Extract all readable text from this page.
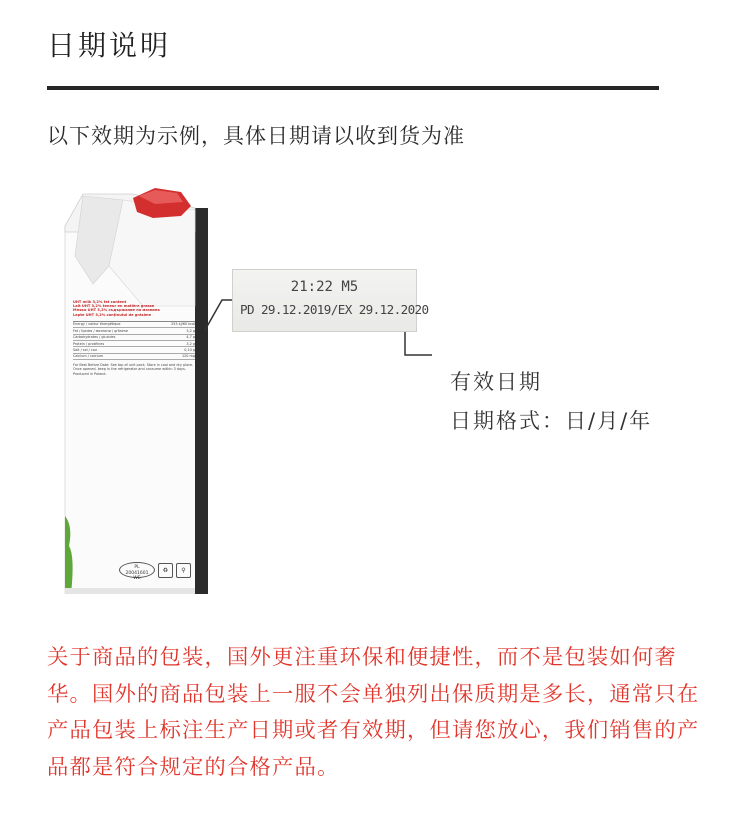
日期说明
以下效期为示例，具体日期请以收到货为准
UHT milk 3,2% fat content
Lait UHT 3,2% teneur en matière grasse
Мляко UHT 3,2% съдържание на мазнина
Lapte UHT 3,2% conținutul de grăsime
Energy / valeur énergétique	253 kJ/60 kcal
Fat / lipides / мазнини / grăsime	3,2 g
Carbohydrates / glucides	4,7 g
Protein / protéines	3,2 g
Salt / sel / сол	0,10 g
Calcium / calcium	120 mg
For Best Before Date: See top of unit pack. Store in cool and dry place. Once opened, keep in the refrigerator and consume within 3 days. Produced in Poland.
PL
20041601
WE
♻	⚲
21:22 M5
PD 29.12.2019/EX 29.12.2020
有效日期
日期格式：日/月/年
关于商品的包装，国外更注重环保和便捷性，而不是包装如何奢华。国外的商品包装上一服不会单独列出保质期是多长，通常只在产品包装上标注生产日期或者有效期，但请您放心，我们销售的产品都是符合规定的合格产品。
